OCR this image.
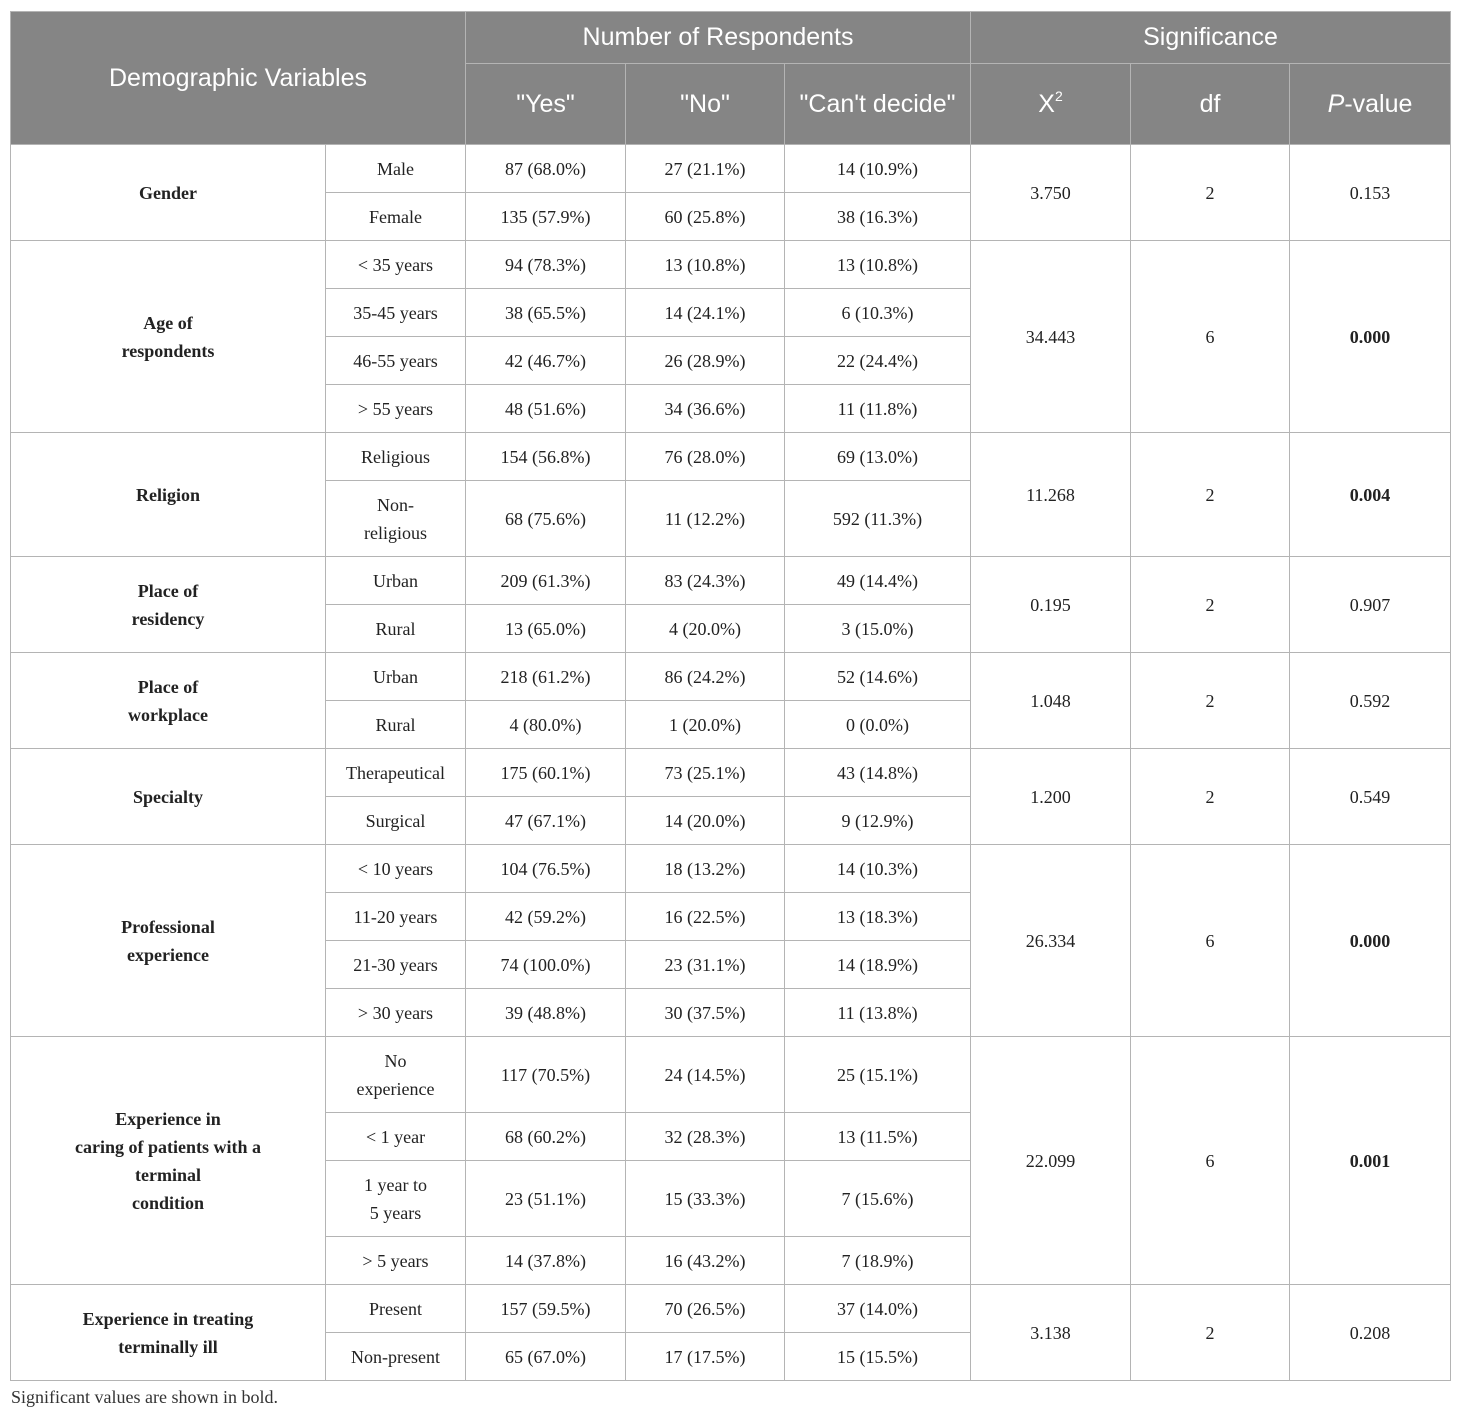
Demographic Variables		Number of Respondents			Significance		
		"Yes"	"No"	"Can't decide"	$X^2$	df	P-value
Gender	Male	87 (68.0%)	27 (21.1%)	14 (10.9%)	3.750	2	0.153
	Female	135 (57.9%)	60 (25.8%)	38 (16.3%)			
Age of
respondents	< 35 years	94 (78.3%)	13 (10.8%)	13 (10.8%)	34.443	6	0.000
	35-45 years	38 (65.5%)	14 (24.1%)	6 (10.3%)			
	46-55 years	42 (46.7%)	26 (28.9%)	22 (24.4%)			
	> 55 years	48 (51.6%)	34 (36.6%)	11 (11.8%)			
Religion	Religious	154 (56.8%)	76 (28.0%)	69 (13.0%)	11.268	2	0.004
	Non-
religious	68 (75.6%)	11 (12.2%)	592 (11.3%)			
Place of
residency	Urban	209 (61.3%)	83 (24.3%)	49 (14.4%)	0.195	2	0.907
	Rural	13 (65.0%)	4 (20.0%)	3 (15.0%)			
Place of
workplace	Urban	218 (61.2%)	86 (24.2%)	52 (14.6%)	1.048	2	0.592
	Rural	4 (80.0%)	1 (20.0%)	0 (0.0%)			
Specialty	Therapeutical	175 (60.1%)	73 (25.1%)	43 (14.8%)	1.200	2	0.549
	Surgical	47 (67.1%)	14 (20.0%)	9 (12.9%)			
Professional
experience	< 10 years	104 (76.5%)	18 (13.2%)	14 (10.3%)	26.334	6	0.000
	11-20 years	42 (59.2%)	16 (22.5%)	13 (18.3%)			
	21-30 years	74 (100.0%)	23 (31.1%)	14 (18.9%)			
	> 30 years	39 (48.8%)	30 (37.5%)	11 (13.8%)			
Experience in
caring of patients with a
terminal
condition	No
experience	117 (70.5%)	24 (14.5%)	25 (15.1%)	22.099	6	0.001
	< 1 year	68 (60.2%)	32 (28.3%)	13 (11.5%)			
	1 year to
5 years	23 (51.1%)	15 (33.3%)	7 (15.6%)			
	> 5 years	14 (37.8%)	16 (43.2%)	7 (18.9%)			
Experience in treating
terminally ill	Present	157 (59.5%)	70 (26.5%)	37 (14.0%)	3.138	2	0.208
	Non-present	65 (67.0%)	17 (17.5%)	15 (15.5%)			
Significant values are shown in bold.
